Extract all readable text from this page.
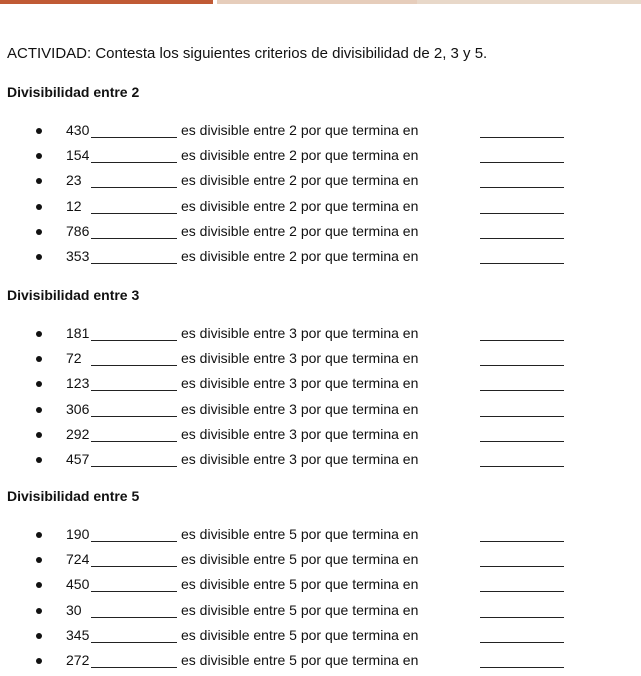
ACTIVIDAD: Contesta los siguientes criterios de divisibilidad de 2, 3 y 5.
Divisibilidad entre 2
430	es divisible entre 2 por que termina en
154	es divisible entre 2 por que termina en
23	es divisible entre 2 por que termina en
12	es divisible entre 2 por que termina en
786	es divisible entre 2 por que termina en
353	es divisible entre 2 por que termina en
Divisibilidad entre 3
181	es divisible entre 3 por que termina en
72	es divisible entre 3 por que termina en
123	es divisible entre 3 por que termina en
306	es divisible entre 3 por que termina en
292	es divisible entre 3 por que termina en
457	es divisible entre 3 por que termina en
Divisibilidad entre 5
190	es divisible entre 5 por que termina en
724	es divisible entre 5 por que termina en
450	es divisible entre 5 por que termina en
30	es divisible entre 5 por que termina en
345	es divisible entre 5 por que termina en
272	es divisible entre 5 por que termina en
